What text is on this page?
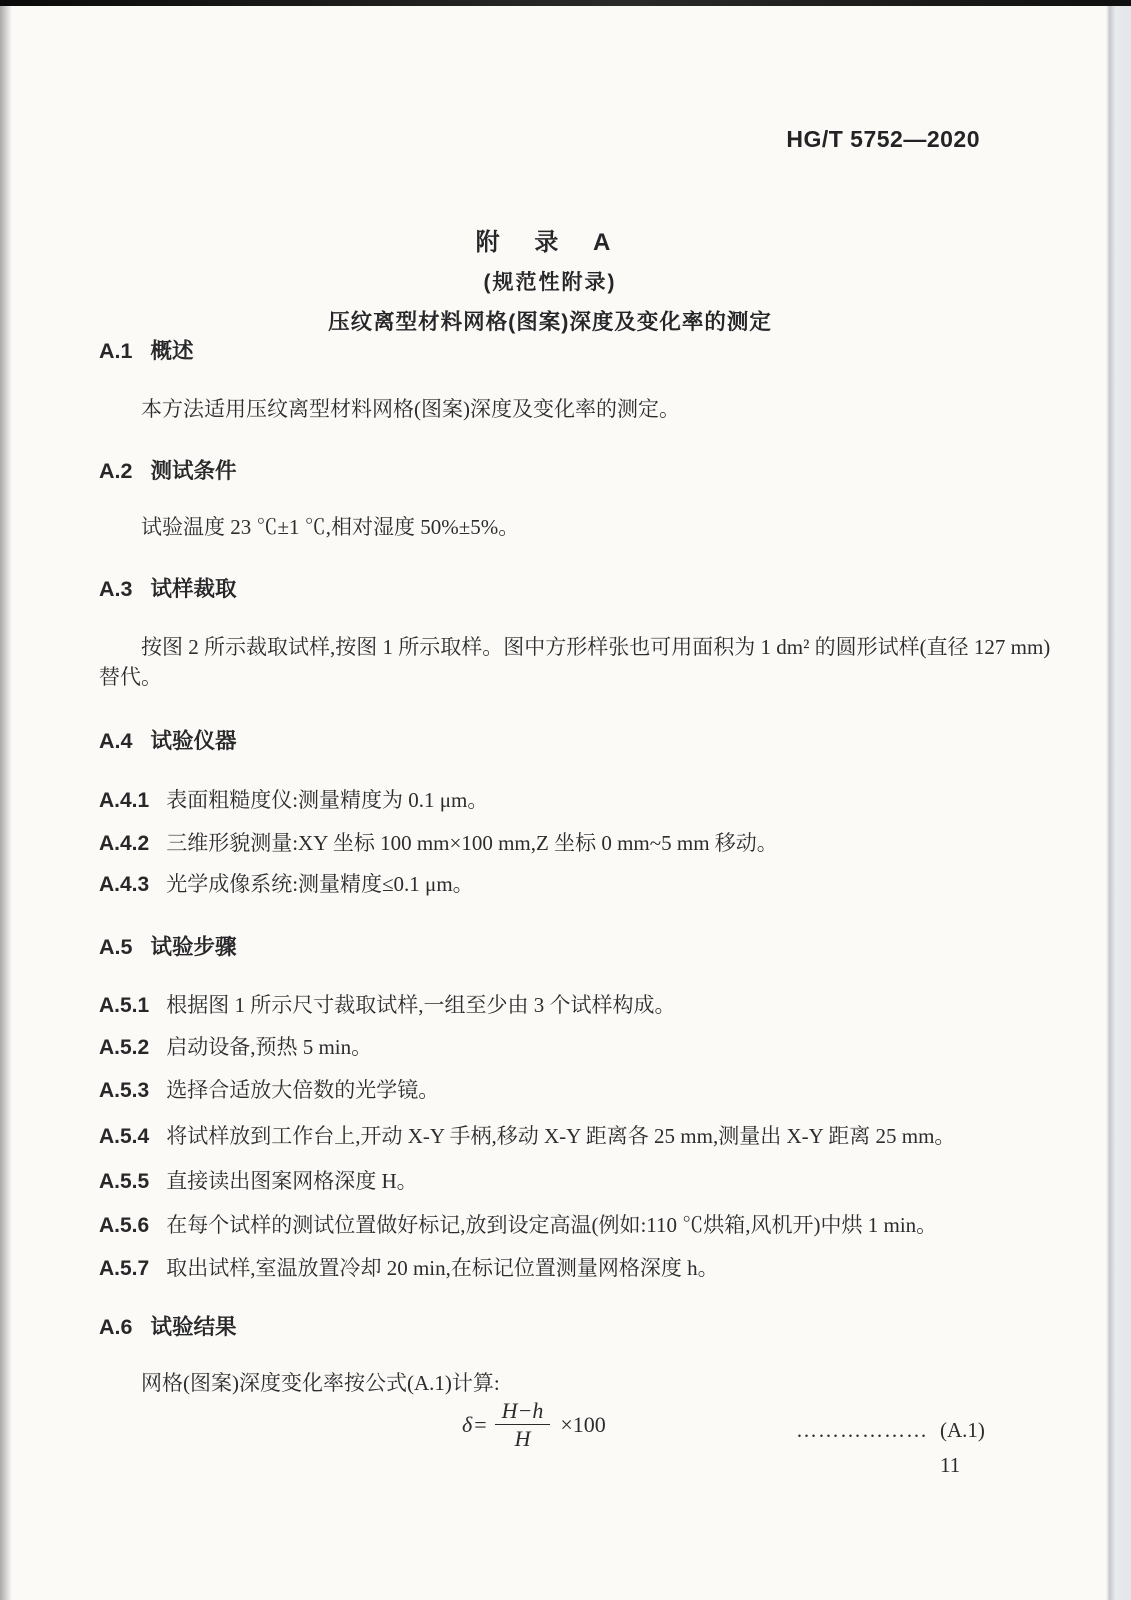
HG/T 5752—2020
附 录 A
(规范性附录)
压纹离型材料网格(图案)深度及变化率的测定
A.1 概述
本方法适用压纹离型材料网格(图案)深度及变化率的测定。
A.2 测试条件
试验温度 23 ℃±1 ℃,相对湿度 50%±5%。
A.3 试样裁取
按图 2 所示裁取试样,按图 1 所示取样。图中方形样张也可用面积为 1 dm² 的圆形试样(直径 127 mm)替代。
A.4 试验仪器
A.4.1 表面粗糙度仪:测量精度为 0.1 μm。
A.4.2 三维形貌测量:XY 坐标 100 mm×100 mm,Z 坐标 0 mm~5 mm 移动。
A.4.3 光学成像系统:测量精度≤0.1 μm。
A.5 试验步骤
A.5.1 根据图 1 所示尺寸裁取试样,一组至少由 3 个试样构成。
A.5.2 启动设备,预热 5 min。
A.5.3 选择合适放大倍数的光学镜。
A.5.4 将试样放到工作台上,开动 X-Y 手柄,移动 X-Y 距离各 25 mm,测量出 X-Y 距离 25 mm。
A.5.5 直接读出图案网格深度 H。
A.5.6 在每个试样的测试位置做好标记,放到设定高温(例如:110 ℃烘箱,风机开)中烘 1 min。
A.5.7 取出试样,室温放置冷却 20 min,在标记位置测量网格深度 h。
A.6 试验结果
网格(图案)深度变化率按公式(A.1)计算:
$\delta = \frac{H-h}{H} \times 100$	……………… (A.1)
11
